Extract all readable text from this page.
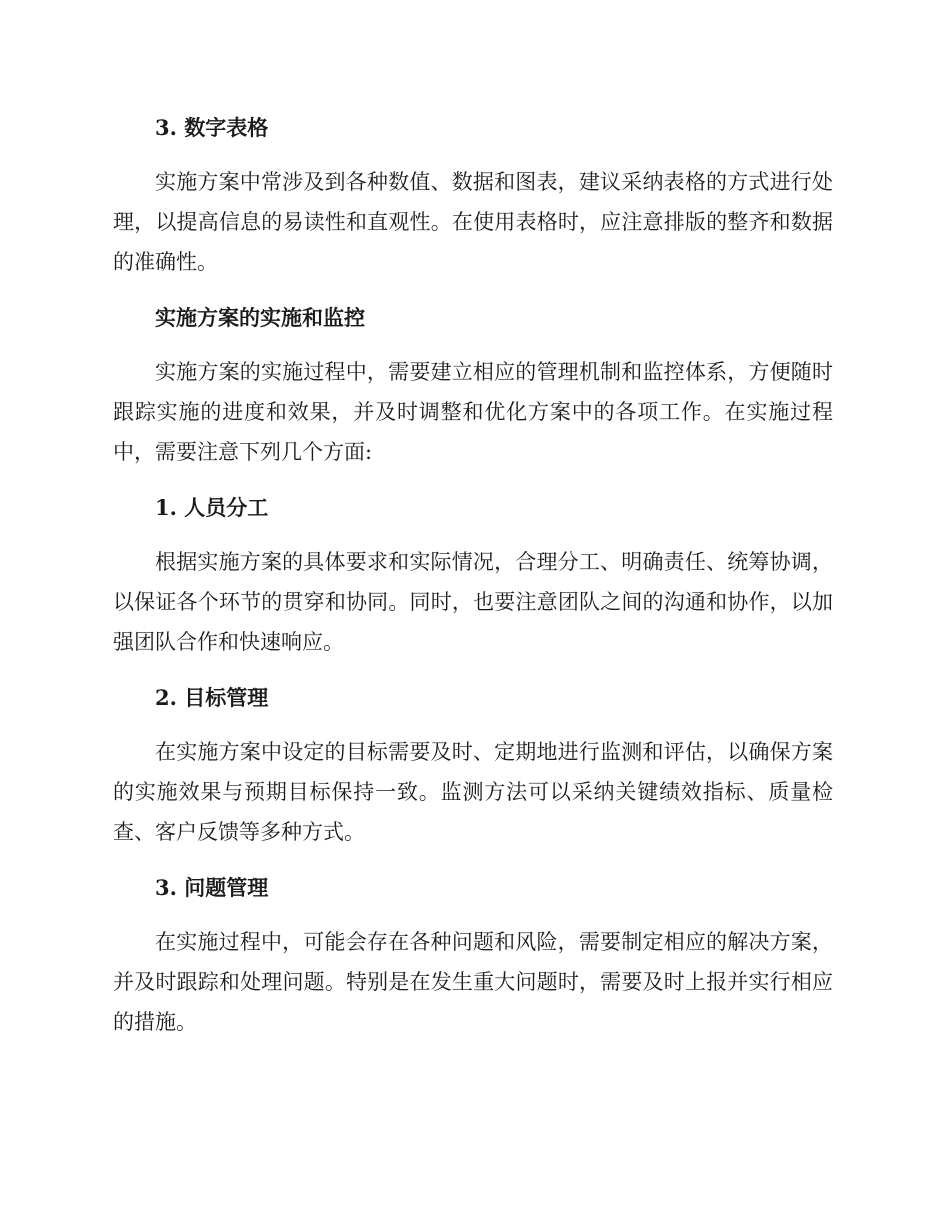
3. 数字表格

实施方案中常涉及到各种数值、数据和图表，建议采纳表格的方式进行处理，以提高信息的易读性和直观性。在使用表格时，应注意排版的整齐和数据的准确性。

实施方案的实施和监控

实施方案的实施过程中，需要建立相应的管理机制和监控体系，方便随时跟踪实施的进度和效果，并及时调整和优化方案中的各项工作。在实施过程中，需要注意下列几个方面:

1. 人员分工

根据实施方案的具体要求和实际情况，合理分工、明确责任、统筹协调，以保证各个环节的贯穿和协同。同时，也要注意团队之间的沟通和协作，以加强团队合作和快速响应。

2. 目标管理

在实施方案中设定的目标需要及时、定期地进行监测和评估，以确保方案的实施效果与预期目标保持一致。监测方法可以采纳关键绩效指标、质量检查、客户反馈等多种方式。

3. 问题管理

在实施过程中，可能会存在各种问题和风险，需要制定相应的解决方案，并及时跟踪和处理问题。特别是在发生重大问题时，需要及时上报并实行相应的措施。
